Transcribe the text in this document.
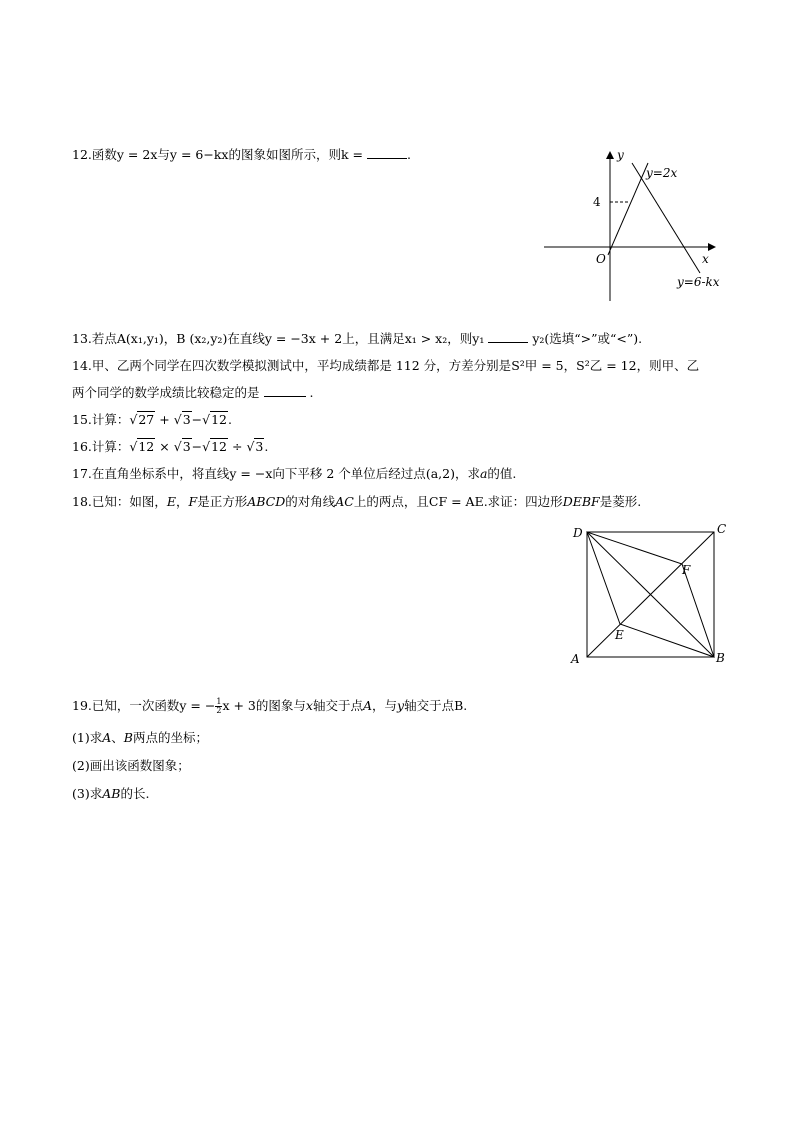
12.函数y = 2x与y = 6−kx的图象如图所示，则k =	.	y
x
O
4
y=2x
y=6-kx
13.若点A(x₁,y₁)，B (x₂,y₂)在直线y = −3x + 2上，且满足x₁ > x₂，则y₁	y₂(选填“>”或“<”).
14.甲、乙两个同学在四次数学模拟测试中，平均成绩都是 112 分，方差分别是S²甲 = 5，S²乙 = 12，则甲、乙
两个同学的数学成绩比较稳定的是	.
15.计算：√27 + √3−√12.
16.计算：√12 × √3−√12 ÷ √3.
17.在直角坐标系中，将直线y = −x向下平移 2 个单位后经过点(a,2)，求a的值.
18.已知：如图，E，F是正方形ABCD的对角线AC上的两点，且CF = AE.求证：四边形DEBF是菱形.
D	C
B
A
E
F
19.已知，一次函数y = − $\frac{1}{2}$ x + 3的图象与x轴交于点A，与y轴交于点B.
(1)求A、B两点的坐标；
(2)画出该函数图象；
(3)求AB的长.
